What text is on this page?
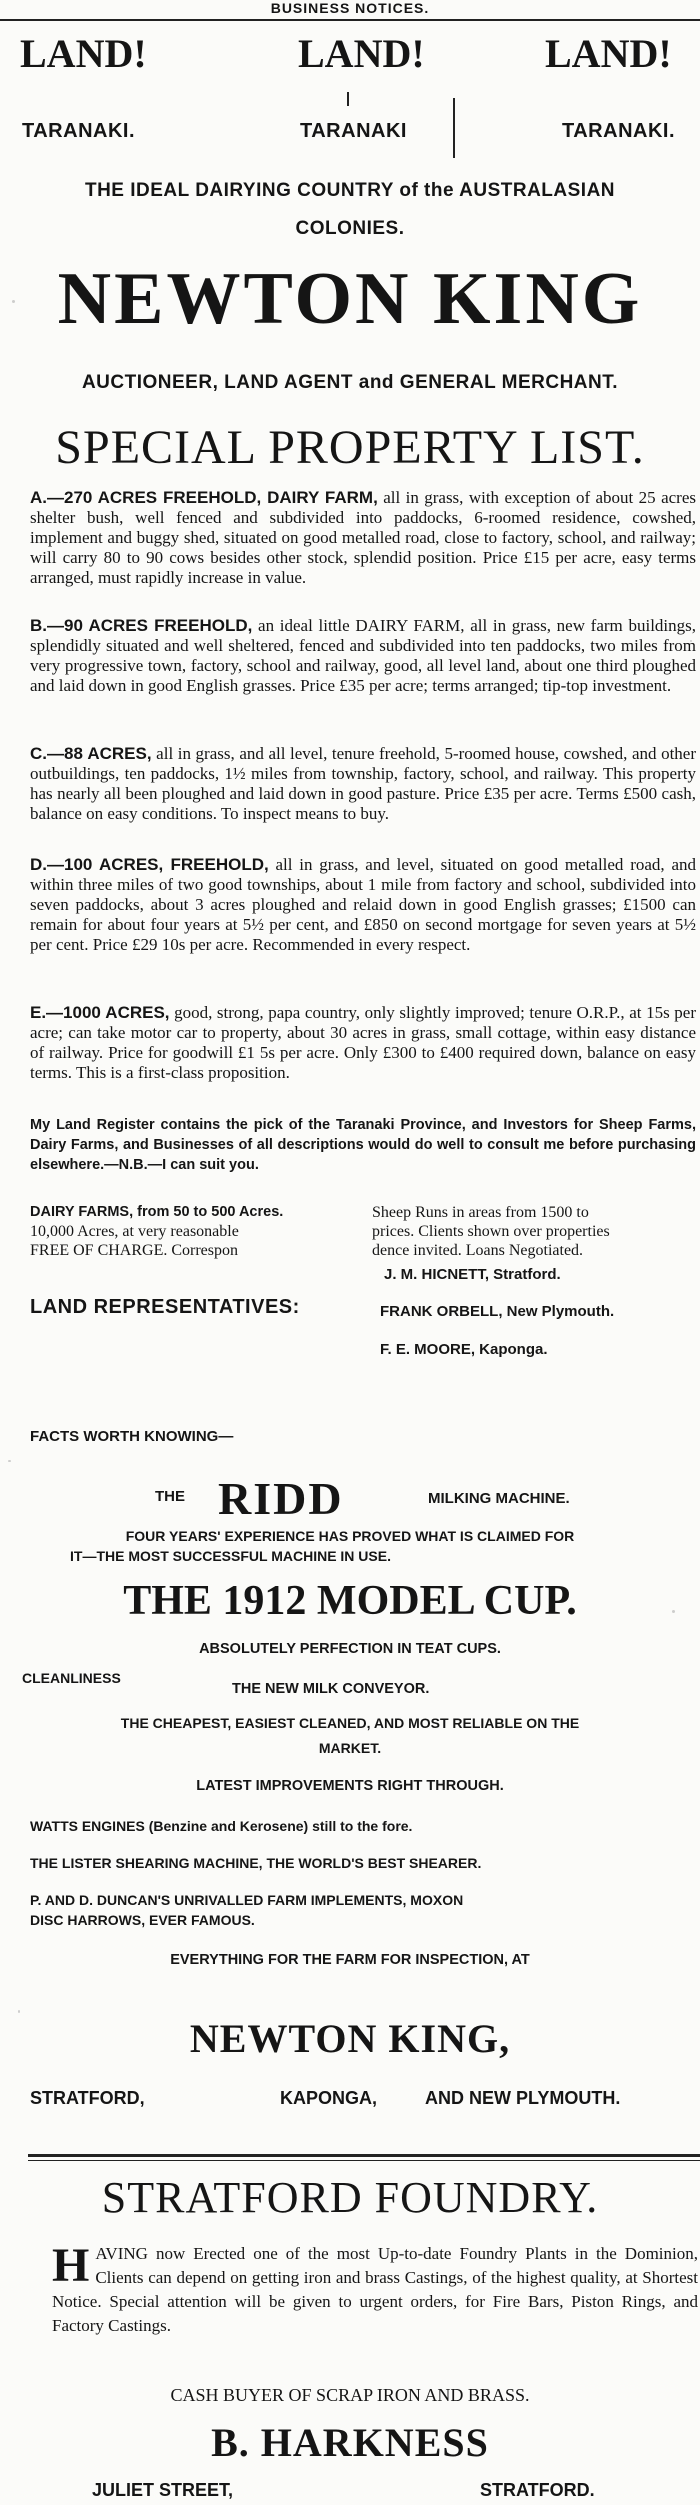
BUSINESS NOTICES.
LAND!	LAND!	LAND!
TARANAKI.	TARANAKI	TARANAKI.
THE IDEAL DAIRYING COUNTRY of the AUSTRALASIAN
COLONIES.
NEWTON KING
AUCTIONEER, LAND AGENT and GENERAL MERCHANT.
SPECIAL PROPERTY LIST.
A.—270 ACRES FREEHOLD, DAIRY FARM, all in grass, with exception of about 25 acres shelter bush, well fenced and subdivided into paddocks, 6-roomed residence, cowshed, implement and buggy shed, situated on good metalled road, close to factory, school, and railway; will carry 80 to 90 cows besides other stock, splendid position. Price £15 per acre, easy terms arranged, must rapidly increase in value.
B.—90 ACRES FREEHOLD, an ideal little DAIRY FARM, all in grass, new farm buildings, splendidly situated and well sheltered, fenced and subdivided into ten paddocks, two miles from very progressive town, factory, school and railway, good, all level land, about one third ploughed and laid down in good English grasses. Price £35 per acre; terms arranged; tip-top investment.
C.—88 ACRES, all in grass, and all level, tenure freehold, 5-roomed house, cowshed, and other outbuildings, ten paddocks, 1½ miles from township, factory, school, and railway. This property has nearly all been ploughed and laid down in good pasture. Price £35 per acre. Terms £500 cash, balance on easy conditions. To inspect means to buy.
D.—100 ACRES, FREEHOLD, all in grass, and level, situated on good metalled road, and within three miles of two good townships, about 1 mile from factory and school, subdivided into seven paddocks, about 3 acres ploughed and relaid down in good English grasses; £1500 can remain for about four years at 5½ per cent, and £850 on second mortgage for seven years at 5½ per cent. Price £29 10s per acre. Recommended in every respect.
E.—1000 ACRES, good, strong, papa country, only slightly improved; tenure O.R.P., at 15s per acre; can take motor car to property, about 30 acres in grass, small cottage, within easy distance of railway. Price for goodwill £1 5s per acre. Only £300 to £400 required down, balance on easy terms. This is a first-class proposition.
My Land Register contains the pick of the Taranaki Province, and Investors for Sheep Farms, Dairy Farms, and Businesses of all descriptions would do well to consult me before purchasing elsewhere.—N.B.—I can suit you.
DAIRY FARMS, from 50 to 500 Acres.
10,000 Acres, at very reasonable
FREE OF CHARGE. Correspon
Sheep Runs in areas from 1500 to
prices. Clients shown over properties
dence invited. Loans Negotiated.
LAND REPRESENTATIVES:
J. M. HICNETT, Stratford.
FRANK ORBELL, New Plymouth.
F. E. MOORE, Kaponga.
FACTS WORTH KNOWING—
THE RIDD	MILKING MACHINE.
FOUR YEARS' EXPERIENCE HAS PROVED WHAT IS CLAIMED FOR
IT—THE MOST SUCCESSFUL MACHINE IN USE.
THE 1912 MODEL CUP.
ABSOLUTELY PERFECTION IN TEAT CUPS.
CLEANLINESS
THE NEW MILK CONVEYOR.
THE CHEAPEST, EASIEST CLEANED, AND MOST RELIABLE ON THE
MARKET.
LATEST IMPROVEMENTS RIGHT THROUGH.
WATTS ENGINES (Benzine and Kerosene) still to the fore.
THE LISTER SHEARING MACHINE, THE WORLD'S BEST SHEARER.
P. AND D. DUNCAN'S UNRIVALLED FARM IMPLEMENTS, MOXON
DISC HARROWS, EVER FAMOUS.
EVERYTHING FOR THE FARM FOR INSPECTION, AT
NEWTON KING,
STRATFORD,	KAPONGA,	AND NEW PLYMOUTH.
STRATFORD FOUNDRY.
H AVING now Erected one of the most Up-to-date Foundry Plants in the Dominion, Clients can depend on getting iron and brass Castings, of the highest quality, at Shortest Notice. Special attention will be given to urgent orders, for Fire Bars, Piston Rings, and Factory Castings.
CASH BUYER OF SCRAP IRON AND BRASS.
B. HARKNESS
JULIET STREET,	STRATFORD.
